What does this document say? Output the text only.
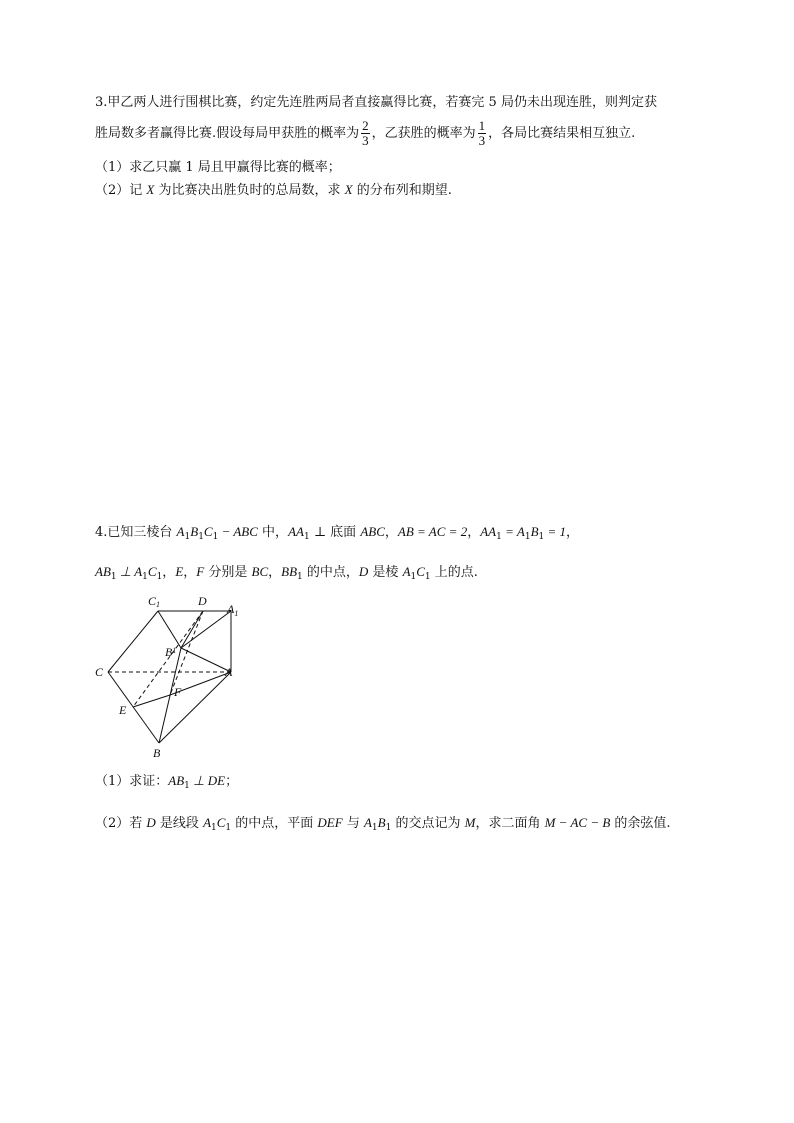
3.甲乙两人进行围棋比赛，约定先连胜两局者直接赢得比赛，若赛完 5 局仍未出现连胜，则判定获
胜局数多者赢得比赛.假设每局甲获胜的概率为 $\frac{2}{3}$ ，乙获胜的概率为 $\frac{1}{3}$ ，各局比赛结果相互独立.
（1）求乙只赢 1 局且甲赢得比赛的概率；
（2）记 X 为比赛决出胜负时的总局数，求 X 的分布列和期望.
4.已知三棱台 $A_1B_1C_1$ − ABC 中，$AA_1$ ⊥ 底面 ABC，AB = AC = 2，$AA_1 = A_1B_1 = 1$，
$AB_1$ ⊥ $A_1C_1$，E，F 分别是 BC，$BB_1$ 的中点，D 是棱 $A_1C_1$ 上的点.
C1	D
$A_1$
$B^1$
C	A
F
E
B
（1）求证：$AB_1$ ⊥ DE；
（2）若 D 是线段 $A_1C_1$ 的中点，平面 DEF 与 $A_1B_1$ 的交点记为 M，求二面角 M − AC − B 的余弦值.
